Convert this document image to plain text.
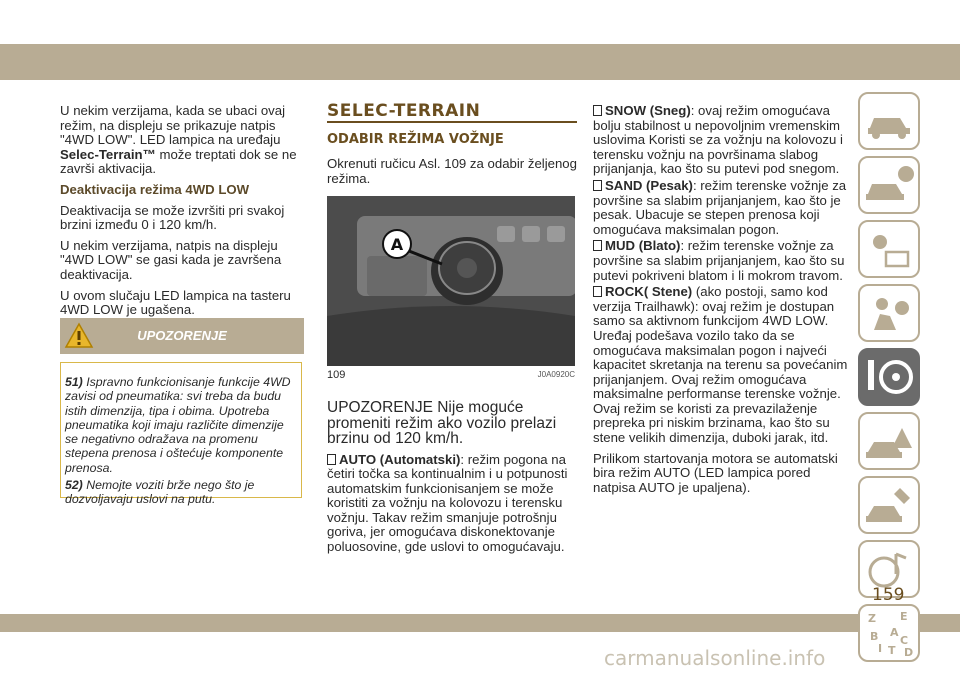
U nekim verzijama, kada se ubaci ovaj režim, na displeju se prikazuje natpis "4WD LOW". LED lampica na uređaju Selec-Terrain™ može treptati dok se ne završi aktivacija.

Deaktivacija režima 4WD LOW

Deaktivacija se može izvršiti pri svakoj brzini između 0 i 120 km/h.

U nekim verzijama, natpis na displeju "4WD LOW" se gasi kada je završena deaktivacija.

U ovom slučaju LED lampica na tasteru 4WD LOW je ugašena.

UPOZORENJE

51) Ispravno funkcionisanje funkcije 4WD zavisi od pneumatika: svi treba da budu istih dimenzija, tipa i obima. Upotreba pneumatika koji imaju različite dimenzije se negativno odražava na promenu stepena prenosa i oštećuje komponente prenosa.

52) Nemojte voziti brže nego što je dozvoljavaju uslovi na putu.

SELEC-TERRAIN
ODABIR REŽIMA VOŽNJE

Okrenuti ručicu Asl. 109 za odabir željenog režima.

A
109	J0A0920C

UPOZORENJE Nije moguće promeniti režim ako vozilo prelazi brzinu od 120 km/h.

AUTO (Automatski): režim pogona na četiri točka sa kontinualnim i u potpunosti automatskim funkcionisanjem se može koristiti za vožnju na kolovozu i terensku vožnju. Takav režim smanjuje potrošnju goriva, jer omogućava diskonektovanje poluosovine, gde uslovi to omogućavaju.

SNOW (Sneg): ovaj režim omogućava bolju stabilnost u nepovoljnim vremenskim uslovima Koristi se za vožnju na kolovozu i terensku vožnju na površinama slabog prijanjanja, kao što su putevi pod snegom.

SAND (Pesak): režim terenske vožnje za površine sa slabim prijanjanjem, kao što je pesak. Ubacuje se stepen prenosa koji omogućava maksimalan pogon.

MUD (Blato): režim terenske vožnje za površine sa slabim prijanjanjem, kao što su putevi pokriveni blatom i li mokrom travom.

ROCK( Stene) (ako postoji, samo kod verzija Trailhawk): ovaj režim je dostupan samo sa aktivnom funkcijom 4WD LOW. Uređaj podešava vozilo tako da se omogućava maksimalan pogon i najveći kapacitet skretanja na terenu sa povećanim prijanjanjem. Ovaj režim omogućava maksimalne performanse terenske vožnje. Ovaj režim se koristi za prevazilaženje prepreka pri niskim brzinama, kao što su stene velikih dimenzija, duboki jarak, itd.

Prilikom startovanja motora se automatski bira režim AUTO (LED lampica pored natpisa AUTO je upaljena).

Z E
B A
C
I T D
159
carmanualsonline.info
